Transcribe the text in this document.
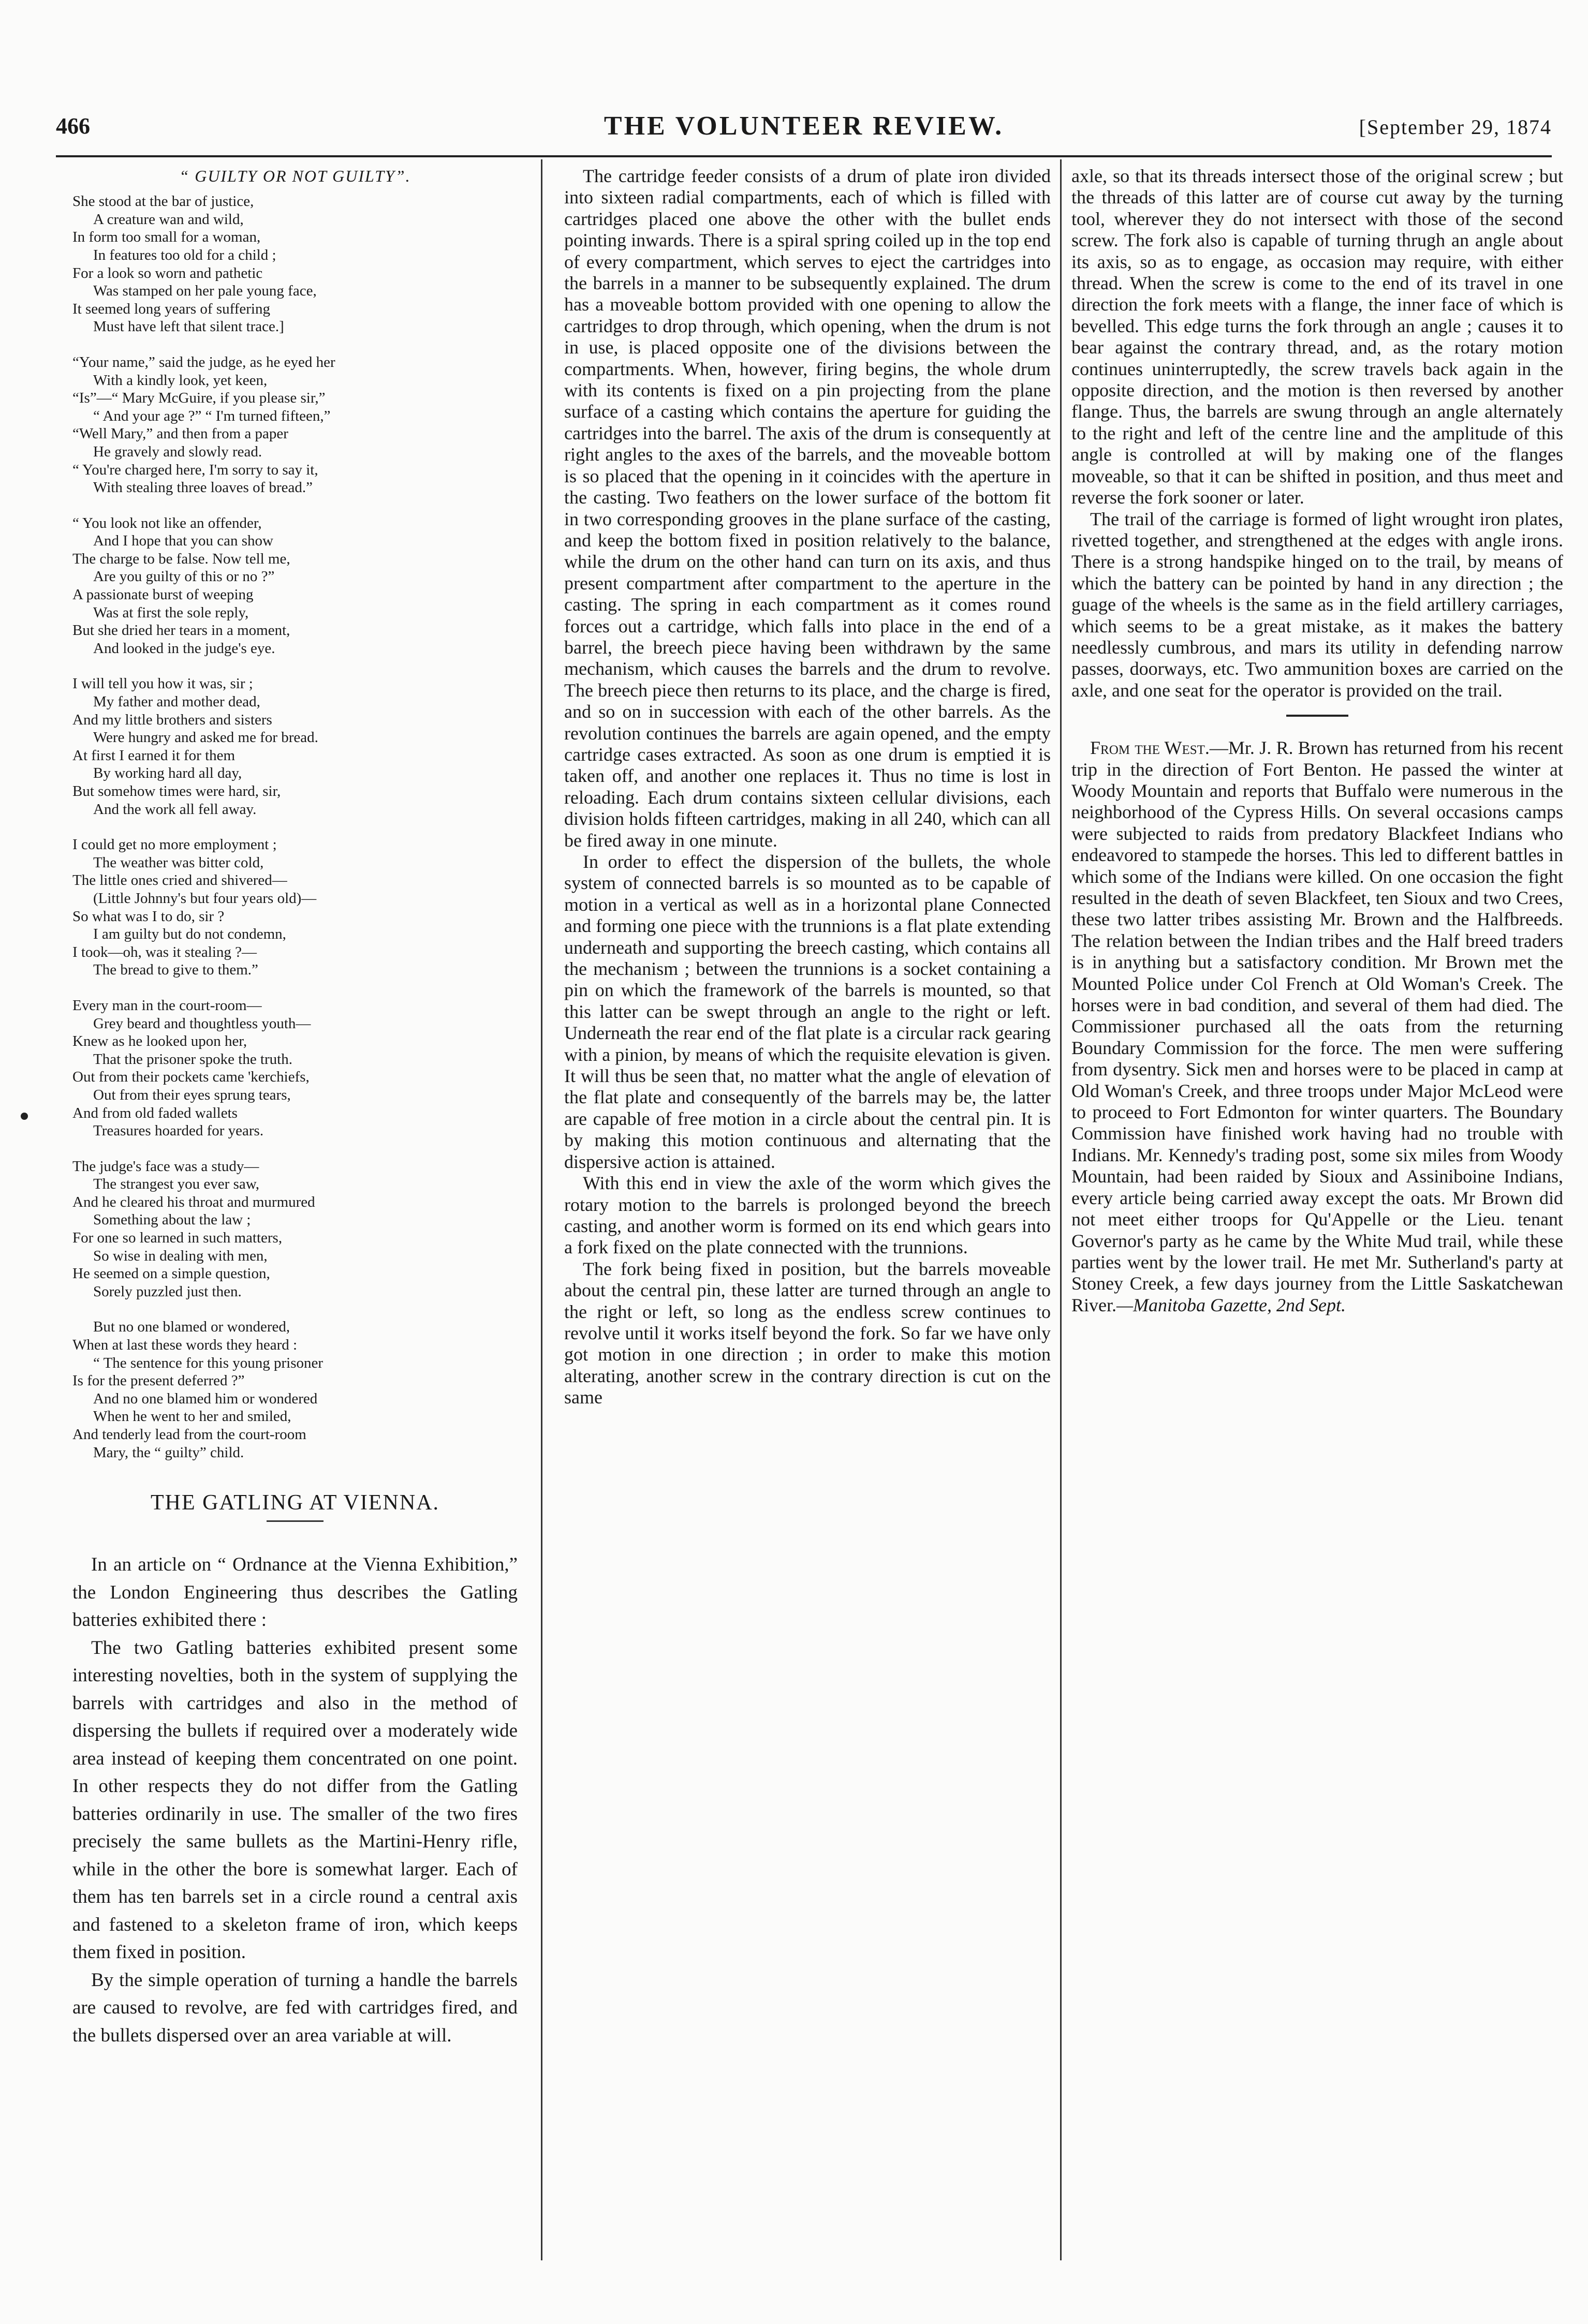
466	THE VOLUNTEER REVIEW.	[September 29, 1874
“ GUILTY OR NOT GUILTY”.

She stood at the bar of justice,

A creature wan and wild,

In form too small for a woman,

In features too old for a child ;

For a look so worn and pathetic

Was stamped on her pale young face,

It seemed long years of suffering

Must have left that silent trace.]

“Your name,” said the judge, as he eyed her

With a kindly look, yet keen,

“Is”—“ Mary McGuire, if you please sir,”

“ And your age ?” “ I'm turned fifteen,”

“Well Mary,” and then from a paper

He gravely and slowly read.

“ You're charged here, I'm sorry to say it,

With stealing three loaves of bread.”

“ You look not like an offender,

And I hope that you can show

The charge to be false. Now tell me,

Are you guilty of this or no ?”

A passionate burst of weeping

Was at first the sole reply,

But she dried her tears in a moment,

And looked in the judge's eye.

I will tell you how it was, sir ;

My father and mother dead,

And my little brothers and sisters

Were hungry and asked me for bread.

At first I earned it for them

By working hard all day,

But somehow times were hard, sir,

And the work all fell away.

I could get no more employment ;

The weather was bitter cold,

The little ones cried and shivered—

(Little Johnny's but four years old)—

So what was I to do, sir ?

I am guilty but do not condemn,

I took—oh, was it stealing ?—

The bread to give to them.”

Every man in the court-room—

Grey beard and thoughtless youth—

Knew as he looked upon her,

That the prisoner spoke the truth.

Out from their pockets came 'kerchiefs,

Out from their eyes sprung tears,

And from old faded wallets

Treasures hoarded for years.

The judge's face was a study—

The strangest you ever saw,

And he cleared his throat and murmured

Something about the law ;

For one so learned in such matters,

So wise in dealing with men,

He seemed on a simple question,

Sorely puzzled just then.

But no one blamed or wondered,

When at last these words they heard :

“ The sentence for this young prisoner

Is for the present deferred ?”

And no one blamed him or wondered

When he went to her and smiled,

And tenderly lead from the court-room

Mary, the “ guilty” child.

THE GATLING AT VIENNA.

In an article on “ Ordnance at the Vienna Exhibition,” the London Engineering thus describes the Gatling batteries exhibited there :

The two Gatling batteries exhibited present some interesting novelties, both in the system of supplying the barrels with cartridges and also in the method of dispersing the bullets if required over a moderately wide area instead of keeping them concentrated on one point. In other respects they do not differ from the Gatling batteries ordinarily in use. The smaller of the two fires precisely the same bullets as the Martini-Henry rifle, while in the other the bore is somewhat larger. Each of them has ten barrels set in a circle round a central axis and fastened to a skeleton frame of iron, which keeps them fixed in position.

By the simple operation of turning a handle the barrels are caused to revolve, are fed with cartridges fired, and the bullets dispersed over an area variable at will.

The cartridge feeder consists of a drum of plate iron divided into sixteen radial compartments, each of which is filled with cartridges placed one above the other with the bullet ends pointing inwards. There is a spiral spring coiled up in the top end of every compartment, which serves to eject the cartridges into the barrels in a manner to be subsequently explained. The drum has a moveable bottom provided with one opening to allow the cartridges to drop through, which opening, when the drum is not in use, is placed opposite one of the divisions between the compartments. When, however, firing begins, the whole drum with its contents is fixed on a pin projecting from the plane surface of a casting which contains the aperture for guiding the cartridges into the barrel. The axis of the drum is consequently at right angles to the axes of the barrels, and the moveable bottom is so placed that the opening in it coincides with the aperture in the casting. Two feathers on the lower surface of the bottom fit in two corresponding grooves in the plane surface of the casting, and keep the bottom fixed in position relatively to the balance, while the drum on the other hand can turn on its axis, and thus present compartment after compartment to the aperture in the casting. The spring in each compartment as it comes round forces out a cartridge, which falls into place in the end of a barrel, the breech piece having been withdrawn by the same mechanism, which causes the barrels and the drum to revolve. The breech piece then returns to its place, and the charge is fired, and so on in succession with each of the other barrels. As the revolution continues the barrels are again opened, and the empty cartridge cases extracted. As soon as one drum is emptied it is taken off, and another one replaces it. Thus no time is lost in reloading. Each drum contains sixteen cellular divisions, each division holds fifteen cartridges, making in all 240, which can all be fired away in one minute.

In order to effect the dispersion of the bullets, the whole system of connected barrels is so mounted as to be capable of motion in a vertical as well as in a horizontal plane Connected and forming one piece with the trunnions is a flat plate extending underneath and supporting the breech casting, which contains all the mechanism ; between the trunnions is a socket containing a pin on which the framework of the barrels is mounted, so that this latter can be swept through an angle to the right or left. Underneath the rear end of the flat plate is a circular rack gearing with a pinion, by means of which the requisite elevation is given. It will thus be seen that, no matter what the angle of elevation of the flat plate and consequently of the barrels may be, the latter are capable of free motion in a circle about the central pin. It is by making this motion continuous and alternating that the dispersive action is attained.

With this end in view the axle of the worm which gives the rotary motion to the barrels is prolonged beyond the breech casting, and another worm is formed on its end which gears into a fork fixed on the plate connected with the trunnions.

The fork being fixed in position, but the barrels moveable about the central pin, these latter are turned through an angle to the right or left, so long as the endless screw continues to revolve until it works itself beyond the fork. So far we have only got motion in one direction ; in order to make this motion alterating, another screw in the contrary direction is cut on the same

axle, so that its threads intersect those of the original screw ; but the threads of this latter are of course cut away by the turning tool, wherever they do not intersect with those of the second screw. The fork also is capable of turning thrugh an angle about its axis, so as to engage, as occasion may require, with either thread. When the screw is come to the end of its travel in one direction the fork meets with a flange, the inner face of which is bevelled. This edge turns the fork through an angle ; causes it to bear against the contrary thread, and, as the rotary motion continues uninterruptedly, the screw travels back again in the opposite direction, and the motion is then reversed by another flange. Thus, the barrels are swung through an angle alternately to the right and left of the centre line and the amplitude of this angle is controlled at will by making one of the flanges moveable, so that it can be shifted in position, and thus meet and reverse the fork sooner or later.

The trail of the carriage is formed of light wrought iron plates, rivetted together, and strengthened at the edges with angle irons. There is a strong handspike hinged on to the trail, by means of which the battery can be pointed by hand in any direction ; the guage of the wheels is the same as in the field artillery carriages, which seems to be a great mistake, as it makes the battery needlessly cumbrous, and mars its utility in defending narrow passes, doorways, etc. Two ammunition boxes are carried on the axle, and one seat for the operator is provided on the trail.

From the West.—Mr. J. R. Brown has returned from his recent trip in the direction of Fort Benton. He passed the winter at Woody Mountain and reports that Buffalo were numerous in the neighborhood of the Cypress Hills. On several occasions camps were subjected to raids from predatory Blackfeet Indians who endeavored to stampede the horses. This led to different battles in which some of the Indians were killed. On one occasion the fight resulted in the death of seven Blackfeet, ten Sioux and two Crees, these two latter tribes assisting Mr. Brown and the Halfbreeds. The relation between the Indian tribes and the Half breed traders is in anything but a satisfactory condition. Mr Brown met the Mounted Police under Col French at Old Woman's Creek. The horses were in bad condition, and several of them had died. The Commissioner purchased all the oats from the returning Boundary Commission for the force. The men were suffering from dysentry. Sick men and horses were to be placed in camp at Old Woman's Creek, and three troops under Major McLeod were to proceed to Fort Edmonton for winter quarters. The Boundary Commission have finished work having had no trouble with Indians. Mr. Kennedy's trading post, some six miles from Woody Mountain, had been raided by Sioux and Assiniboine Indians, every article being carried away except the oats. Mr Brown did not meet either troops for Qu'Appelle or the Lieu. tenant Governor's party as he came by the White Mud trail, while these parties went by the lower trail. He met Mr. Sutherland's party at Stoney Creek, a few days journey from the Little Saskatchewan River.—Manitoba Gazette, 2nd Sept.
